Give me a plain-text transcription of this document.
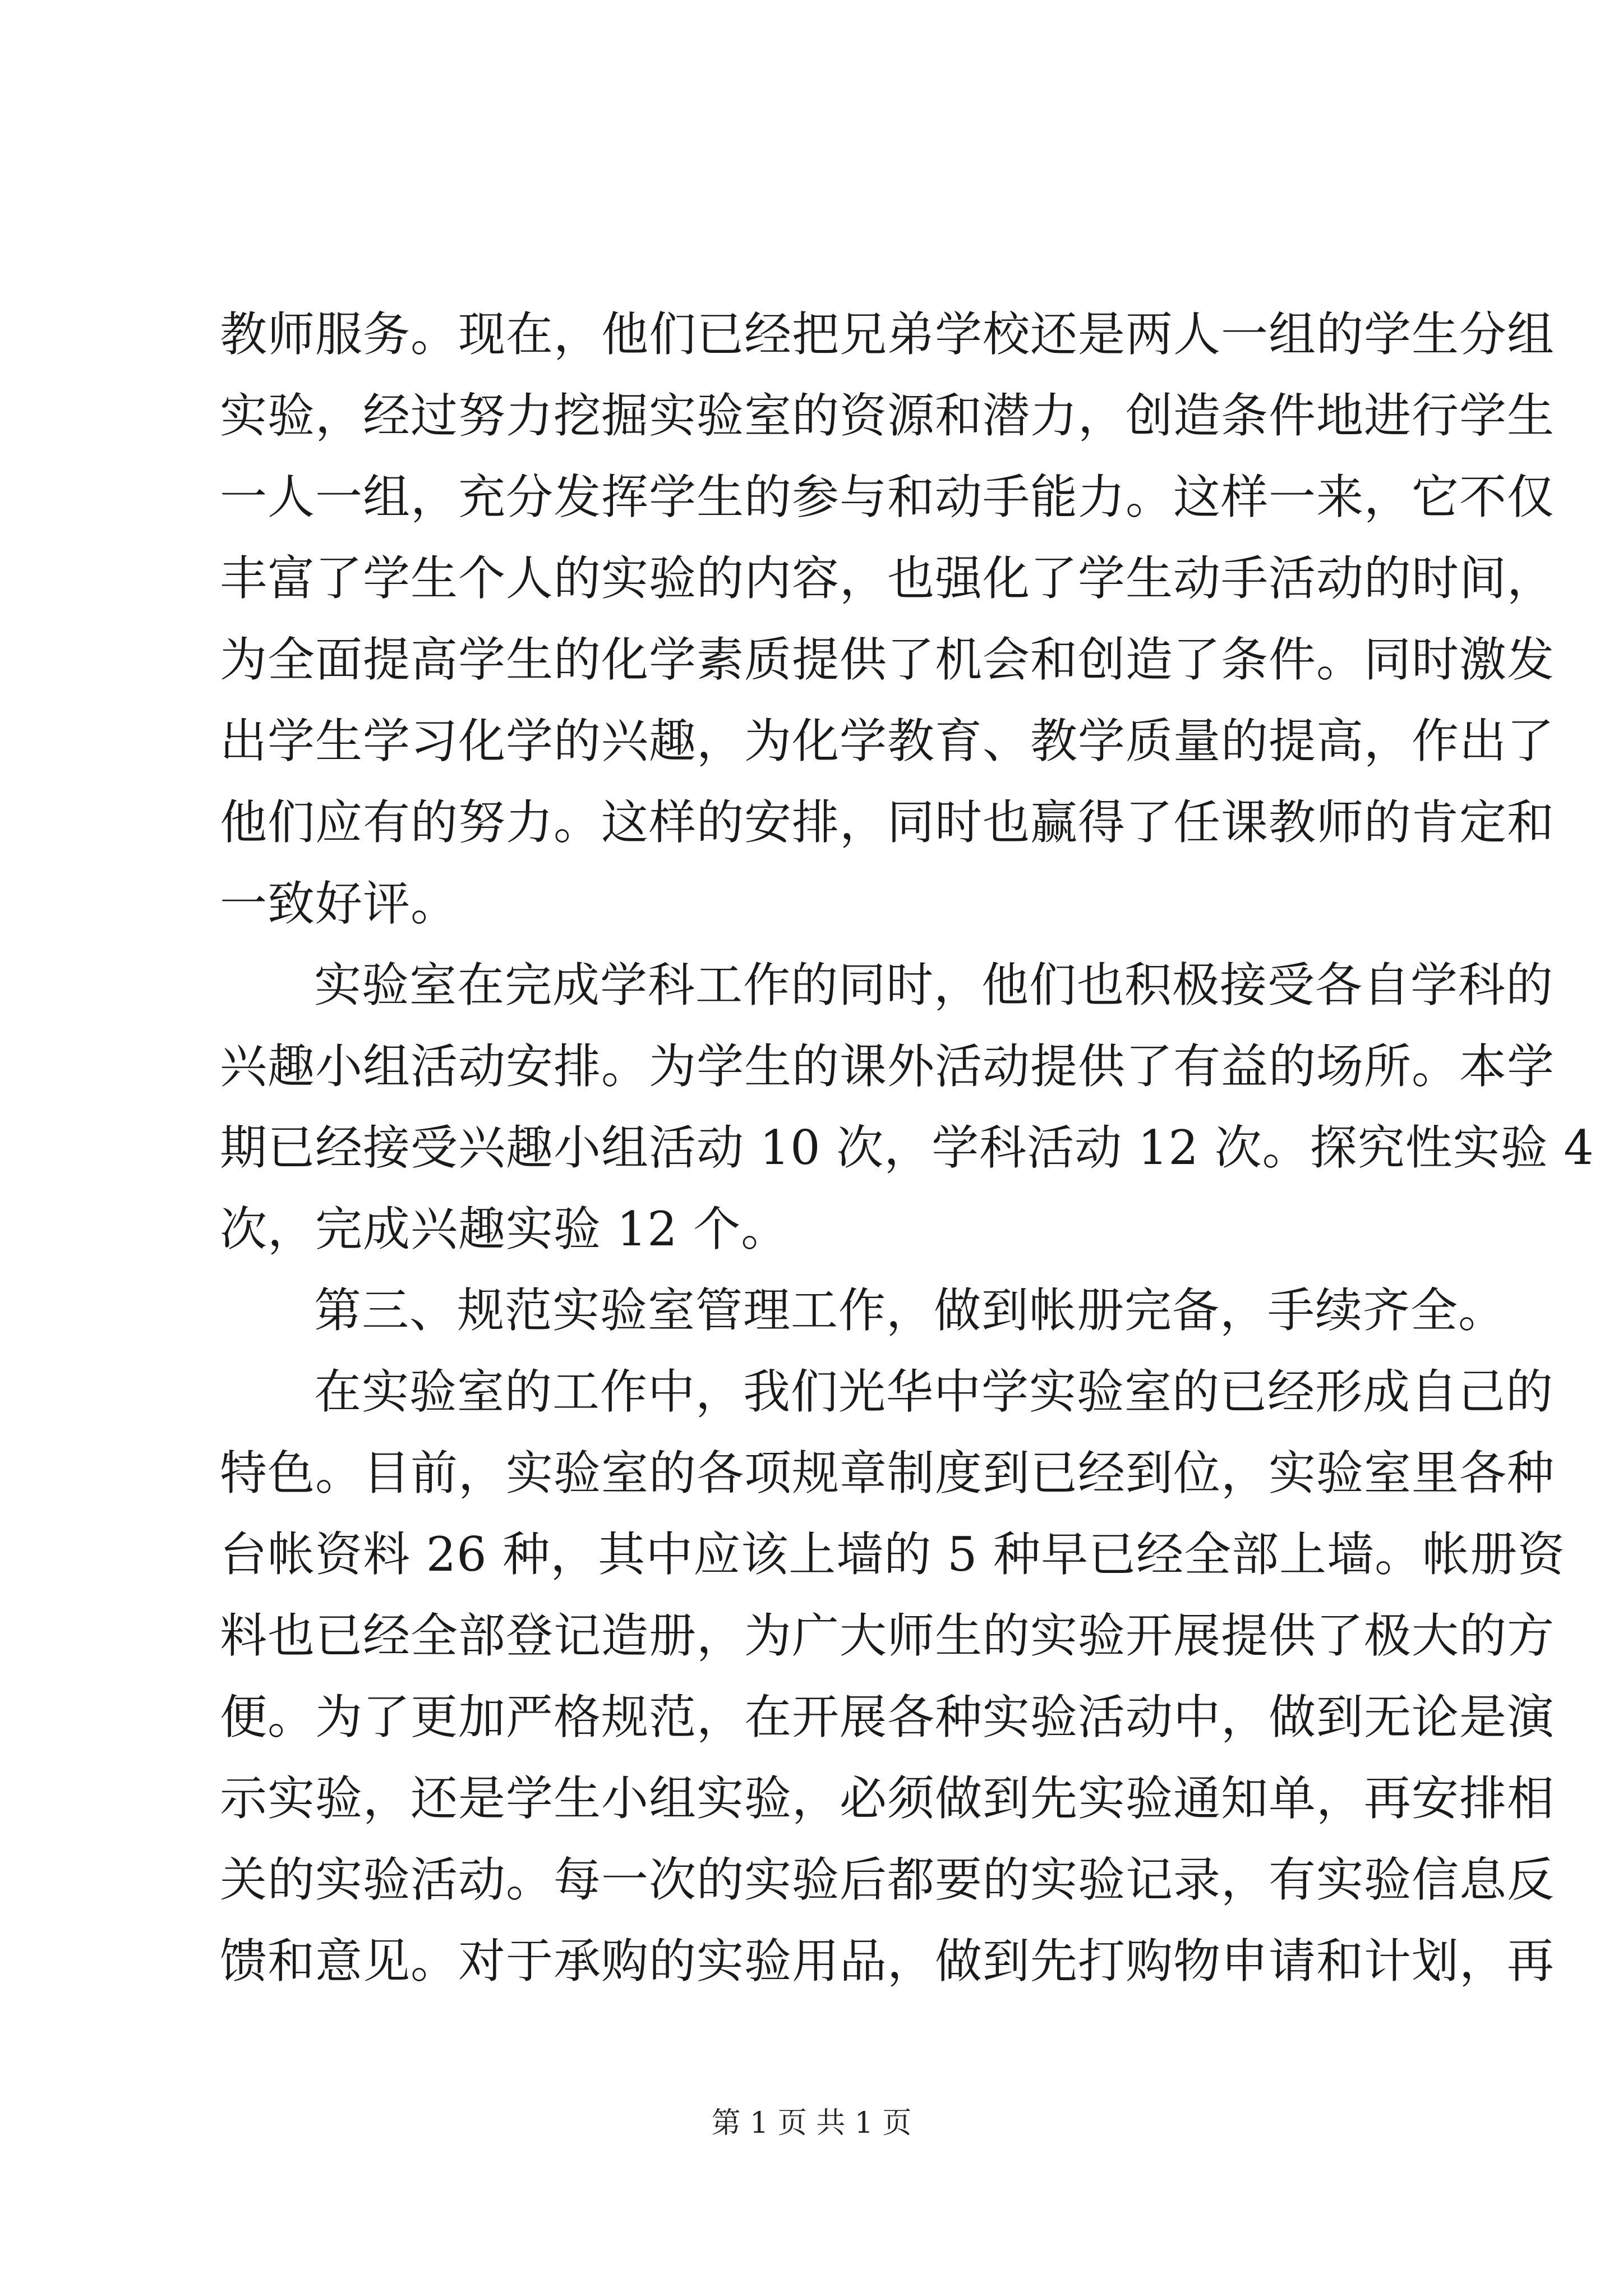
教师服务。现在，他们已经把兄弟学校还是两人一组的学生分组
实验，经过努力挖掘实验室的资源和潜力，创造条件地进行学生
一人一组，充分发挥学生的参与和动手能力。这样一来，它不仅
丰富了学生个人的实验的内容，也强化了学生动手活动的时间，
为全面提高学生的化学素质提供了机会和创造了条件。同时激发
出学生学习化学的兴趣，为化学教育、教学质量的提高，作出了
他们应有的努力。这样的安排，同时也赢得了任课教师的肯定和
一致好评。
实验室在完成学科工作的同时，他们也积极接受各自学科的
兴趣小组活动安排。为学生的课外活动提供了有益的场所。本学
期已经接受兴趣小组活动 10 次，学科活动 12 次。探究性实验 4
次，完成兴趣实验 12 个。
第三、规范实验室管理工作，做到帐册完备，手续齐全。
在实验室的工作中，我们光华中学实验室的已经形成自己的
特色。目前，实验室的各项规章制度到已经到位，实验室里各种
台帐资料 26 种，其中应该上墙的 5 种早已经全部上墙。帐册资
料也已经全部登记造册，为广大师生的实验开展提供了极大的方
便。为了更加严格规范，在开展各种实验活动中，做到无论是演
示实验，还是学生小组实验，必须做到先实验通知单，再安排相
关的实验活动。每一次的实验后都要的实验记录，有实验信息反
馈和意见。对于承购的实验用品，做到先打购物申请和计划，再
第 1 页 共 1 页
